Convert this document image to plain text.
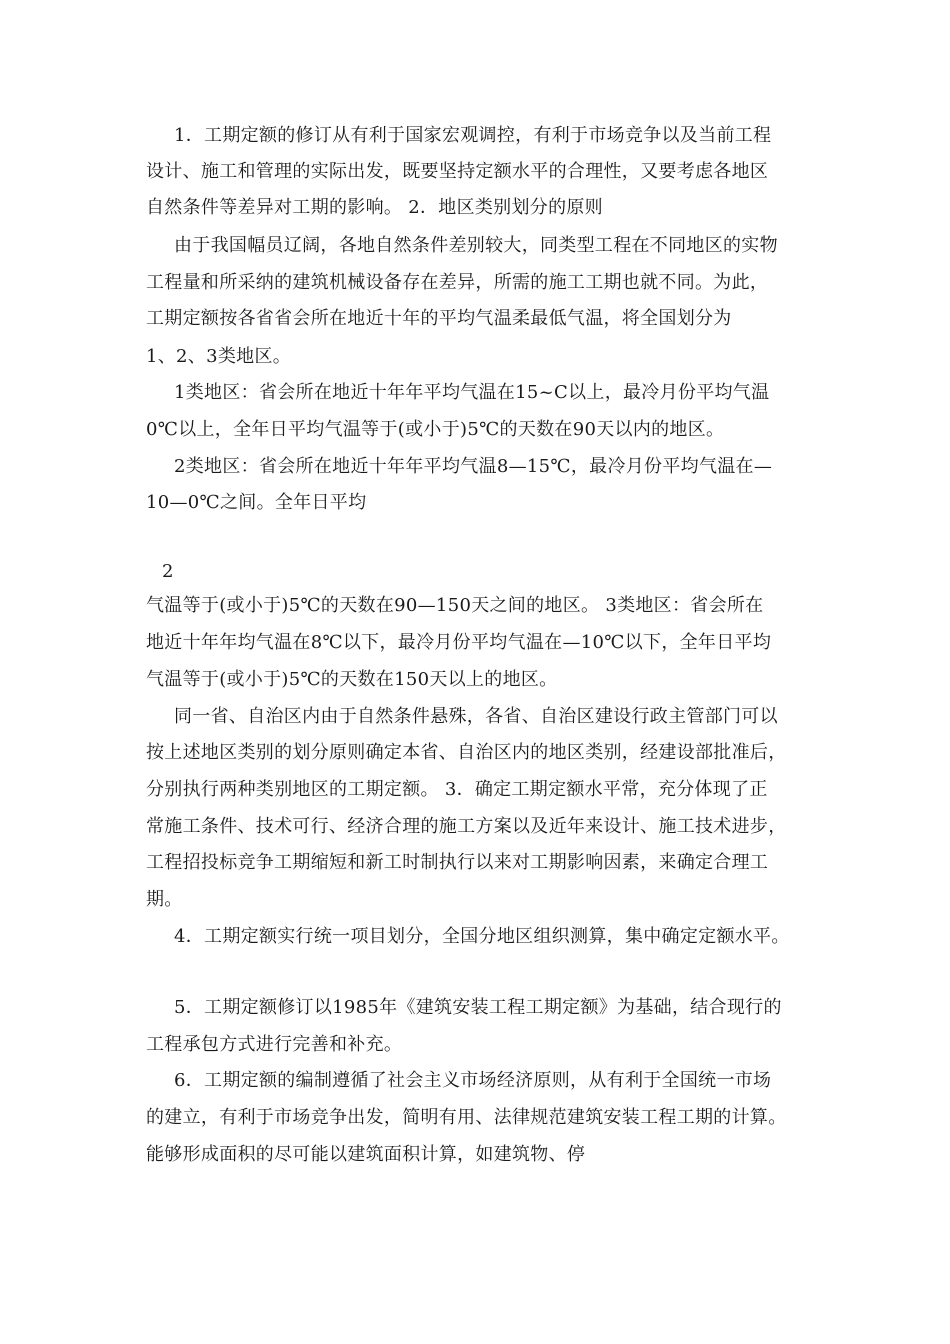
1．工期定额的修订从有利于国家宏观调控，有利于市场竞争以及当前工程
设计、施工和管理的实际出发，既要坚持定额水平的合理性，又要考虑各地区
自然条件等差异对工期的影响。 2．地区类别划分的原则
由于我国幅员辽阔，各地自然条件差别较大，同类型工程在不同地区的实物
工程量和所采纳的建筑机械设备存在差异，所需的施工工期也就不同。为此，
工期定额按各省省会所在地近十年的平均气温柔最低气温，将全国划分为
1、2、3类地区。
1类地区：省会所在地近十年年平均气温在15~C以上，最冷月份平均气温
0℃以上，全年日平均气温等于(或小于)5℃的天数在90天以内的地区。
2类地区：省会所在地近十年年平均气温8—15℃，最冷月份平均气温在—
10—0℃之间。全年日平均
2
气温等于(或小于)5℃的天数在90—150天之间的地区。 3类地区：省会所在
地近十年年均气温在8℃以下，最冷月份平均气温在—10℃以下，全年日平均
气温等于(或小于)5℃的天数在150天以上的地区。
同一省、自治区内由于自然条件悬殊，各省、自治区建设行政主管部门可以
按上述地区类别的划分原则确定本省、自治区内的地区类别，经建设部批准后，
分别执行两种类别地区的工期定额。 3．确定工期定额水平常，充分体现了正
常施工条件、技术可行、经济合理的施工方案以及近年来设计、施工技术进步，
工程招投标竞争工期缩短和新工时制执行以来对工期影响因素，来确定合理工
期。
4．工期定额实行统一项目划分，全国分地区组织测算，集中确定定额水平。
5．工期定额修订以1985年《建筑安装工程工期定额》为基础，结合现行的
工程承包方式进行完善和补充。
6．工期定额的编制遵循了社会主义市场经济原则，从有利于全国统一市场
的建立，有利于市场竞争出发，简明有用、法律规范建筑安装工程工期的计算。
能够形成面积的尽可能以建筑面积计算，如建筑物、停
